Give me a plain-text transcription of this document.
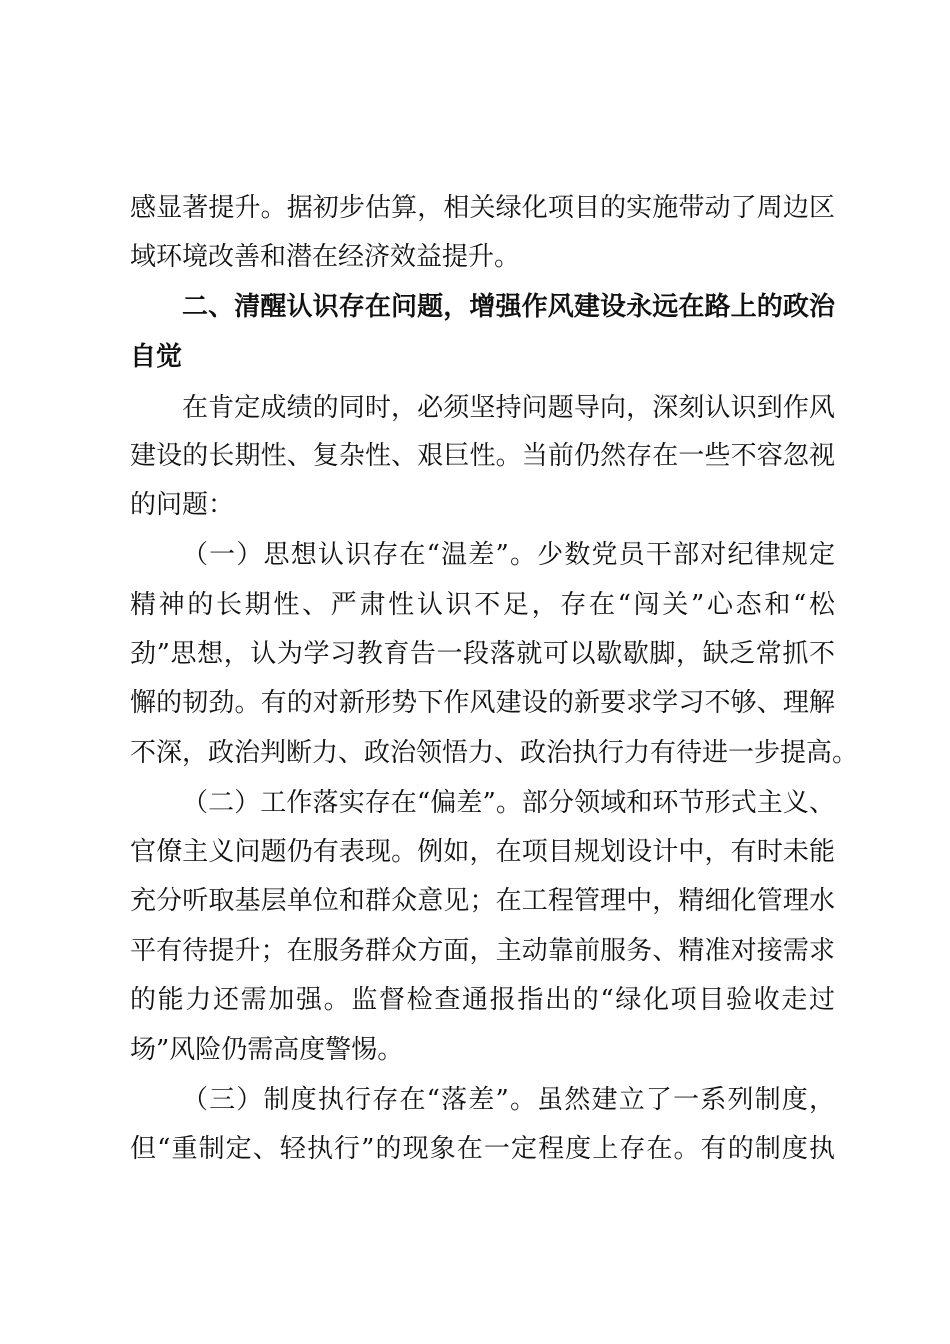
感显著提升。据初步估算，相关绿化项目的实施带动了周边区
域环境改善和潜在经济效益提升。
二、清醒认识存在问题，增强作风建设永远在路上的政治
自觉
在肯定成绩的同时，必须坚持问题导向，深刻认识到作风
建设的长期性、复杂性、艰巨性。当前仍然存在一些不容忽视
的问题：
（一）思想认识存在“温差”。少数党员干部对纪律规定
精神的长期性、严肃性认识不足，存在“闯关”心态和“松
劲”思想，认为学习教育告一段落就可以歇歇脚，缺乏常抓不
懈的韧劲。有的对新形势下作风建设的新要求学习不够、理解
不深，政治判断力、政治领悟力、政治执行力有待进一步提高。
（二）工作落实存在“偏差”。部分领域和环节形式主义、
官僚主义问题仍有表现。例如，在项目规划设计中，有时未能
充分听取基层单位和群众意见；在工程管理中，精细化管理水
平有待提升；在服务群众方面，主动靠前服务、精准对接需求
的能力还需加强。监督检查通报指出的“绿化项目验收走过
场”风险仍需高度警惕。
（三）制度执行存在“落差”。虽然建立了一系列制度，
但“重制定、轻执行”的现象在一定程度上存在。有的制度执
